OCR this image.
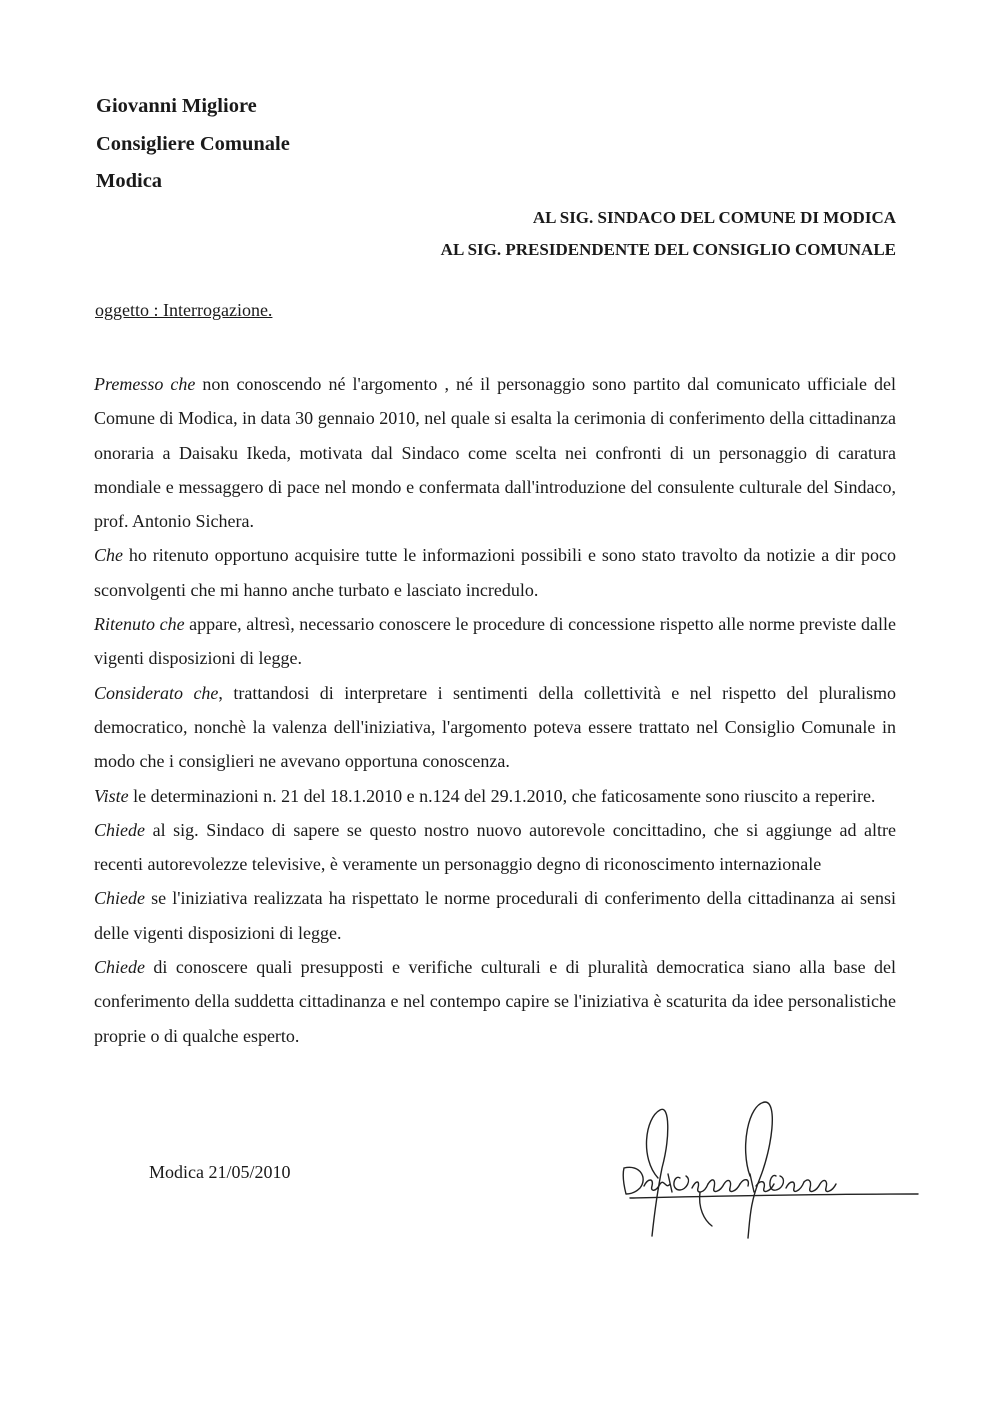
Giovanni Migliore
Consigliere Comunale
Modica
AL SIG. SINDACO DEL COMUNE DI MODICA
AL SIG. PRESIDENDENTE DEL CONSIGLIO COMUNALE
oggetto : Interrogazione.

Premesso che non conoscendo né l'argomento , né il personaggio sono partito dal comunicato ufficiale del Comune di Modica, in data 30 gennaio 2010, nel quale si esalta la cerimonia di conferimento della cittadinanza onoraria a Daisaku Ikeda, motivata dal Sindaco come scelta nei confronti di un personaggio di caratura mondiale e messaggero di pace nel mondo e confermata dall'introduzione del consulente culturale del Sindaco, prof. Antonio Sichera.

Che ho ritenuto opportuno acquisire tutte le informazioni possibili e sono stato travolto da notizie a dir poco sconvolgenti che mi hanno anche turbato e lasciato incredulo.

Ritenuto che appare, altresì, necessario conoscere le procedure di concessione rispetto alle norme previste dalle vigenti disposizioni di legge.

Considerato che, trattandosi di interpretare i sentimenti della collettività e nel rispetto del pluralismo democratico, nonchè la valenza dell'iniziativa, l'argomento poteva essere trattato nel Consiglio Comunale in modo che i consiglieri ne avevano opportuna conoscenza.

Viste le determinazioni n. 21 del 18.1.2010 e n.124 del 29.1.2010, che faticosamente sono riuscito a reperire.

Chiede al sig. Sindaco di sapere se questo nostro nuovo autorevole concittadino, che si aggiunge ad altre recenti autorevolezze televisive, è veramente un personaggio degno di riconoscimento internazionale

Chiede se l'iniziativa realizzata ha rispettato le norme procedurali di conferimento della cittadinanza ai sensi delle vigenti disposizioni di legge.

Chiede di conoscere quali presupposti e verifiche culturali e di pluralità democratica siano alla base del conferimento della suddetta cittadinanza e nel contempo capire se l'iniziativa è scaturita da idee personalistiche proprie o di qualche esperto.

Modica 21/05/2010
